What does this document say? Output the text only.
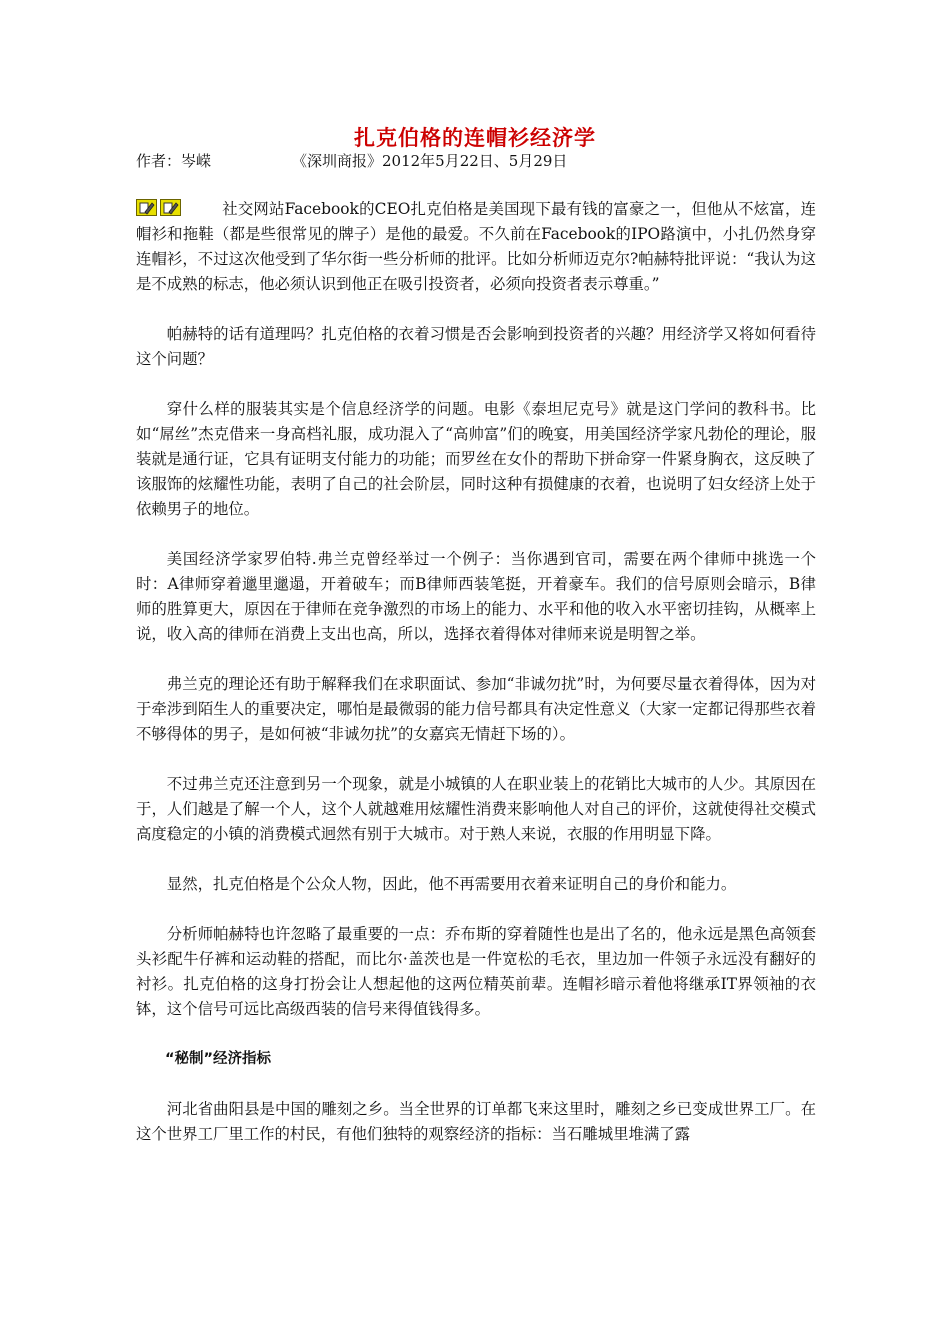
扎克伯格的连帽衫经济学
作者：岑嵘	《深圳商报》2012年5月22日、5月29日

社交网站Facebook的CEO扎克伯格是美国现下最有钱的富豪之一，但他从不炫富，连帽衫和拖鞋（都是些很常见的牌子）是他的最爱。不久前在Facebook的IPO路演中，小扎仍然身穿连帽衫，不过这次他受到了华尔街一些分析师的批评。比如分析师迈克尔?帕赫特批评说：“我认为这是不成熟的标志，他必须认识到他正在吸引投资者，必须向投资者表示尊重。”

帕赫特的话有道理吗？扎克伯格的衣着习惯是否会影响到投资者的兴趣？用经济学又将如何看待这个问题？

穿什么样的服装其实是个信息经济学的问题。电影《泰坦尼克号》就是这门学问的教科书。比如“屌丝”杰克借来一身高档礼服，成功混入了“高帅富”们的晚宴，用美国经济学家凡勃伦的理论，服装就是通行证，它具有证明支付能力的功能；而罗丝在女仆的帮助下拼命穿一件紧身胸衣，这反映了该服饰的炫耀性功能，表明了自己的社会阶层，同时这种有损健康的衣着，也说明了妇女经济上处于依赖男子的地位。

美国经济学家罗伯特.弗兰克曾经举过一个例子：当你遇到官司，需要在两个律师中挑选一个时：A律师穿着邋里邋遢，开着破车；而B律师西装笔挺，开着豪车。我们的信号原则会暗示，B律师的胜算更大，原因在于律师在竞争激烈的市场上的能力、水平和他的收入水平密切挂钩，从概率上说，收入高的律师在消费上支出也高，所以，选择衣着得体对律师来说是明智之举。

弗兰克的理论还有助于解释我们在求职面试、参加“非诚勿扰”时，为何要尽量衣着得体，因为对于牵涉到陌生人的重要决定，哪怕是最微弱的能力信号都具有决定性意义（大家一定都记得那些衣着不够得体的男子，是如何被“非诚勿扰”的女嘉宾无情赶下场的）。

不过弗兰克还注意到另一个现象，就是小城镇的人在职业装上的花销比大城市的人少。其原因在于，人们越是了解一个人，这个人就越难用炫耀性消费来影响他人对自己的评价，这就使得社交模式高度稳定的小镇的消费模式迥然有别于大城市。对于熟人来说，衣服的作用明显下降。

显然，扎克伯格是个公众人物，因此，他不再需要用衣着来证明自己的身价和能力。

分析师帕赫特也许忽略了最重要的一点：乔布斯的穿着随性也是出了名的，他永远是黑色高领套头衫配牛仔裤和运动鞋的搭配，而比尔·盖茨也是一件宽松的毛衣，里边加一件领子永远没有翻好的衬衫。扎克伯格的这身打扮会让人想起他的这两位精英前辈。连帽衫暗示着他将继承IT界领袖的衣钵，这个信号可远比高级西装的信号来得值钱得多。

“秘制”经济指标

河北省曲阳县是中国的雕刻之乡。当全世界的订单都飞来这里时，雕刻之乡已变成世界工厂。在这个世界工厂里工作的村民，有他们独特的观察经济的指标：当石雕城里堆满了露
